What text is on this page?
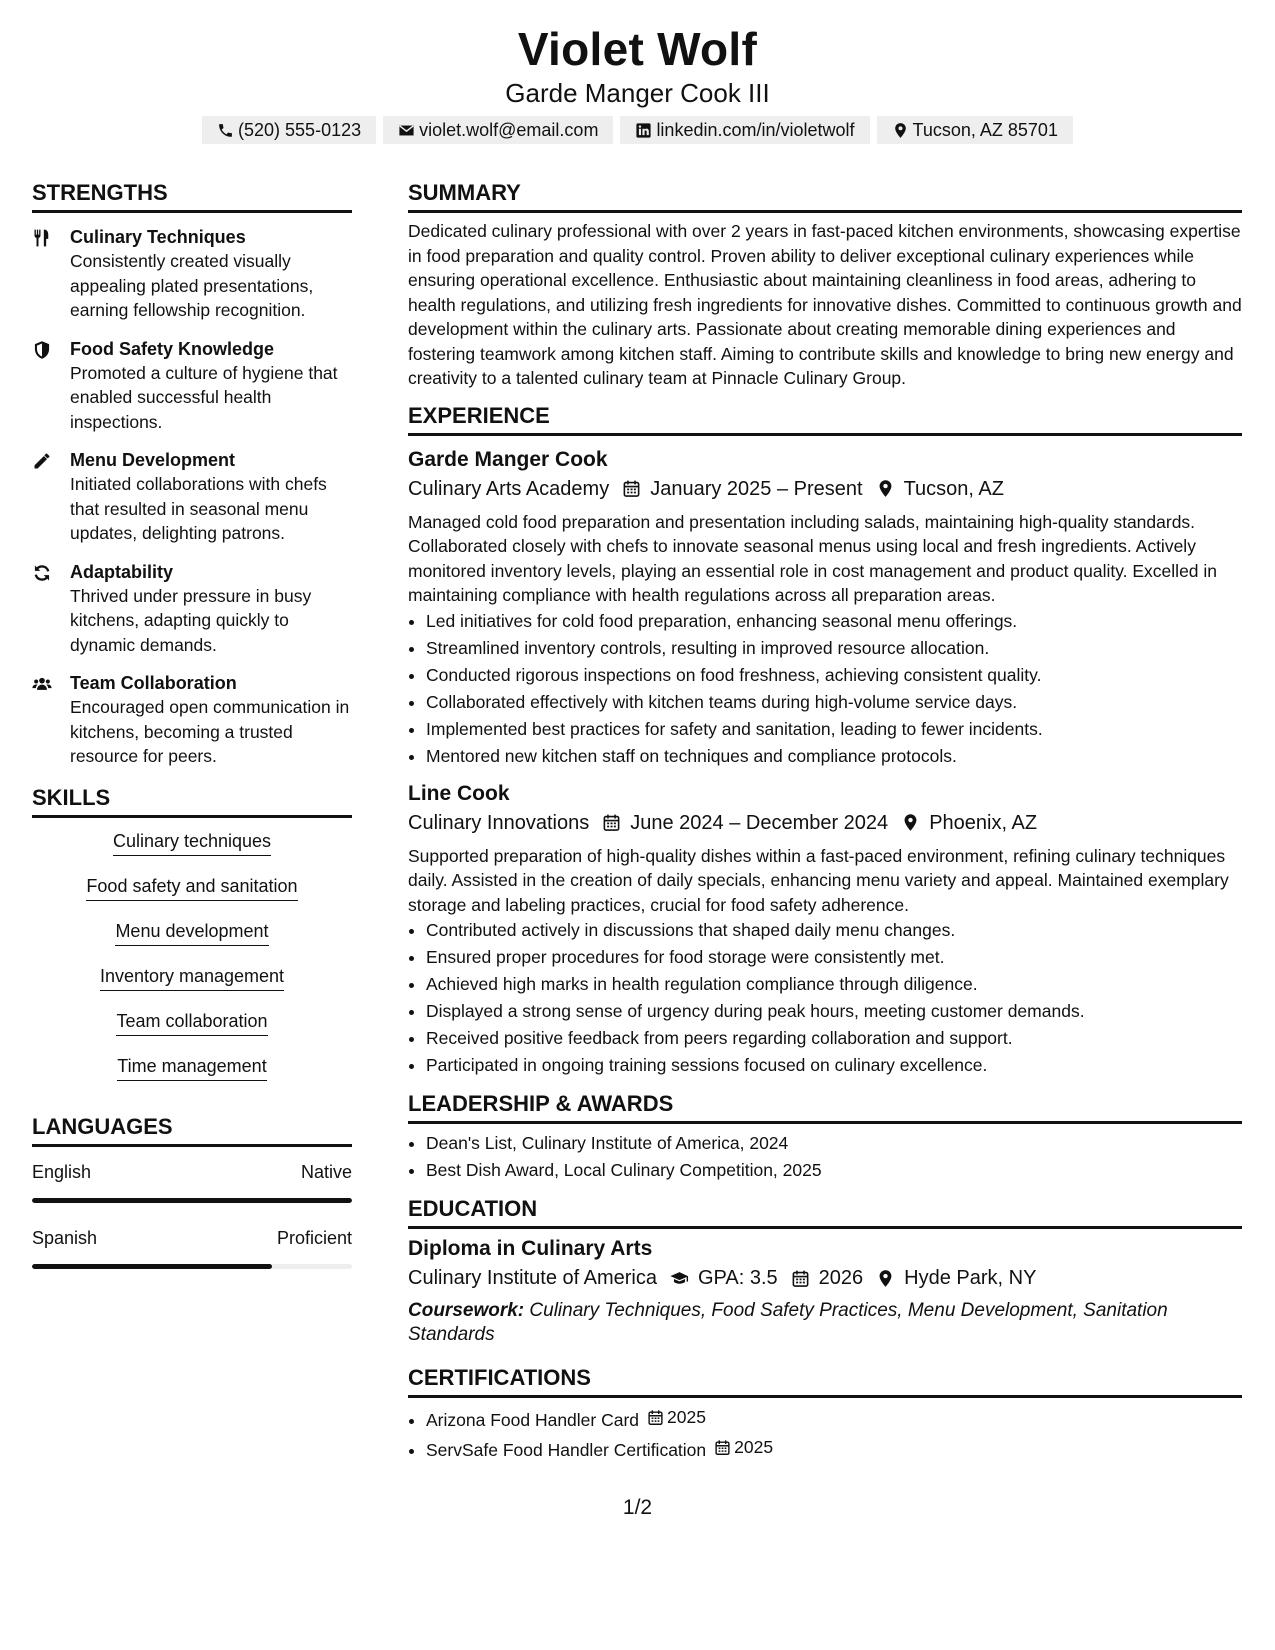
Violet Wolf
Garde Manger Cook III
(520) 555-0123	violet.wolf@email.com	linkedin.com/in/violetwolf	Tucson, AZ 85701
STRENGTHS
Culinary Techniques
Consistently created visually appealing plated presentations, earning fellowship recognition.
Food Safety Knowledge
Promoted a culture of hygiene that enabled successful health inspections.
Menu Development
Initiated collaborations with chefs that resulted in seasonal menu updates, delighting patrons.
Adaptability
Thrived under pressure in busy kitchens, adapting quickly to dynamic demands.
Team Collaboration
Encouraged open communication in kitchens, becoming a trusted resource for peers.
SKILLS
Culinary techniques
Food safety and sanitation
Menu development
Inventory management
Team collaboration
Time management
LANGUAGES
English	Native
Spanish	Proficient
SUMMARY

Dedicated culinary professional with over 2 years in fast-paced kitchen environments, showcasing expertise in food preparation and quality control. Proven ability to deliver exceptional culinary experiences while ensuring operational excellence. Enthusiastic about maintaining cleanliness in food areas, adhering to health regulations, and utilizing fresh ingredients for innovative dishes. Committed to continuous growth and development within the culinary arts. Passionate about creating memorable dining experiences and fostering teamwork among kitchen staff. Aiming to contribute skills and knowledge to bring new energy and creativity to a talented culinary team at Pinnacle Culinary Group.

EXPERIENCE
Garde Manger Cook
Culinary Arts Academy January 2025 – Present Tucson, AZ

Managed cold food preparation and presentation including salads, maintaining high-quality standards. Collaborated closely with chefs to innovate seasonal menus using local and fresh ingredients. Actively monitored inventory levels, playing an essential role in cost management and product quality. Excelled in maintaining compliance with health regulations across all preparation areas.

• Led initiatives for cold food preparation, enhancing seasonal menu offerings.
• Streamlined inventory controls, resulting in improved resource allocation.
• Conducted rigorous inspections on food freshness, achieving consistent quality.
• Collaborated effectively with kitchen teams during high-volume service days.
• Implemented best practices for safety and sanitation, leading to fewer incidents.
• Mentored new kitchen staff on techniques and compliance protocols.
Line Cook
Culinary Innovations June 2024 – December 2024 Phoenix, AZ

Supported preparation of high-quality dishes within a fast-paced environment, refining culinary techniques daily. Assisted in the creation of daily specials, enhancing menu variety and appeal. Maintained exemplary storage and labeling practices, crucial for food safety adherence.

• Contributed actively in discussions that shaped daily menu changes.
• Ensured proper procedures for food storage were consistently met.
• Achieved high marks in health regulation compliance through diligence.
• Displayed a strong sense of urgency during peak hours, meeting customer demands.
• Received positive feedback from peers regarding collaboration and support.
• Participated in ongoing training sessions focused on culinary excellence.
LEADERSHIP & AWARDS
• Dean's List, Culinary Institute of America, 2024
• Best Dish Award, Local Culinary Competition, 2025
EDUCATION
Diploma in Culinary Arts
Culinary Institute of America GPA: 3.5 2026 Hyde Park, NY

Coursework: Culinary Techniques, Food Safety Practices, Menu Development, Sanitation Standards

CERTIFICATIONS
• Arizona Food Handler Card 2025
• ServSafe Food Handler Certification 2025
1/2
